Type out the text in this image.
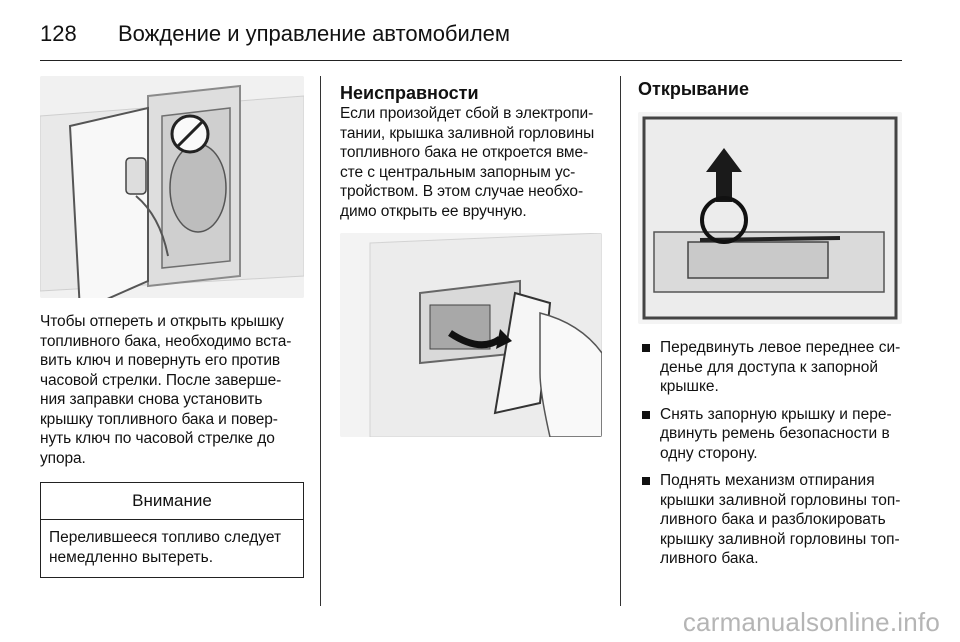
128	Вождение и управление автомобилем

Чтобы отпереть и открыть крышку топливного бака, необходимо вста- вить ключ и повернуть его против часовой стрелки. После заверше- ния заправки снова установить крышку топливного бака и повер- нуть ключ по часовой стрелке до упора.

Внимание
Перелившееся топливо следует немедленно вытереть.
Неисправности

Если произойдет сбой в электропи- тании, крышка заливной горловины топливного бака не откроется вме- сте с центральным запорным ус- тройством. В этом случае необхо- димо открыть ее вручную.

Открывание
Передвинуть левое переднее си- денье для доступа к запорной крышке.
Снять запорную крышку и пере- двинуть ремень безопасности в одну сторону.
Поднять механизм отпирания крышки заливной горловины топ- ливного бака и разблокировать крышку заливной горловины топ- ливного бака.
carmanualsonline.info
